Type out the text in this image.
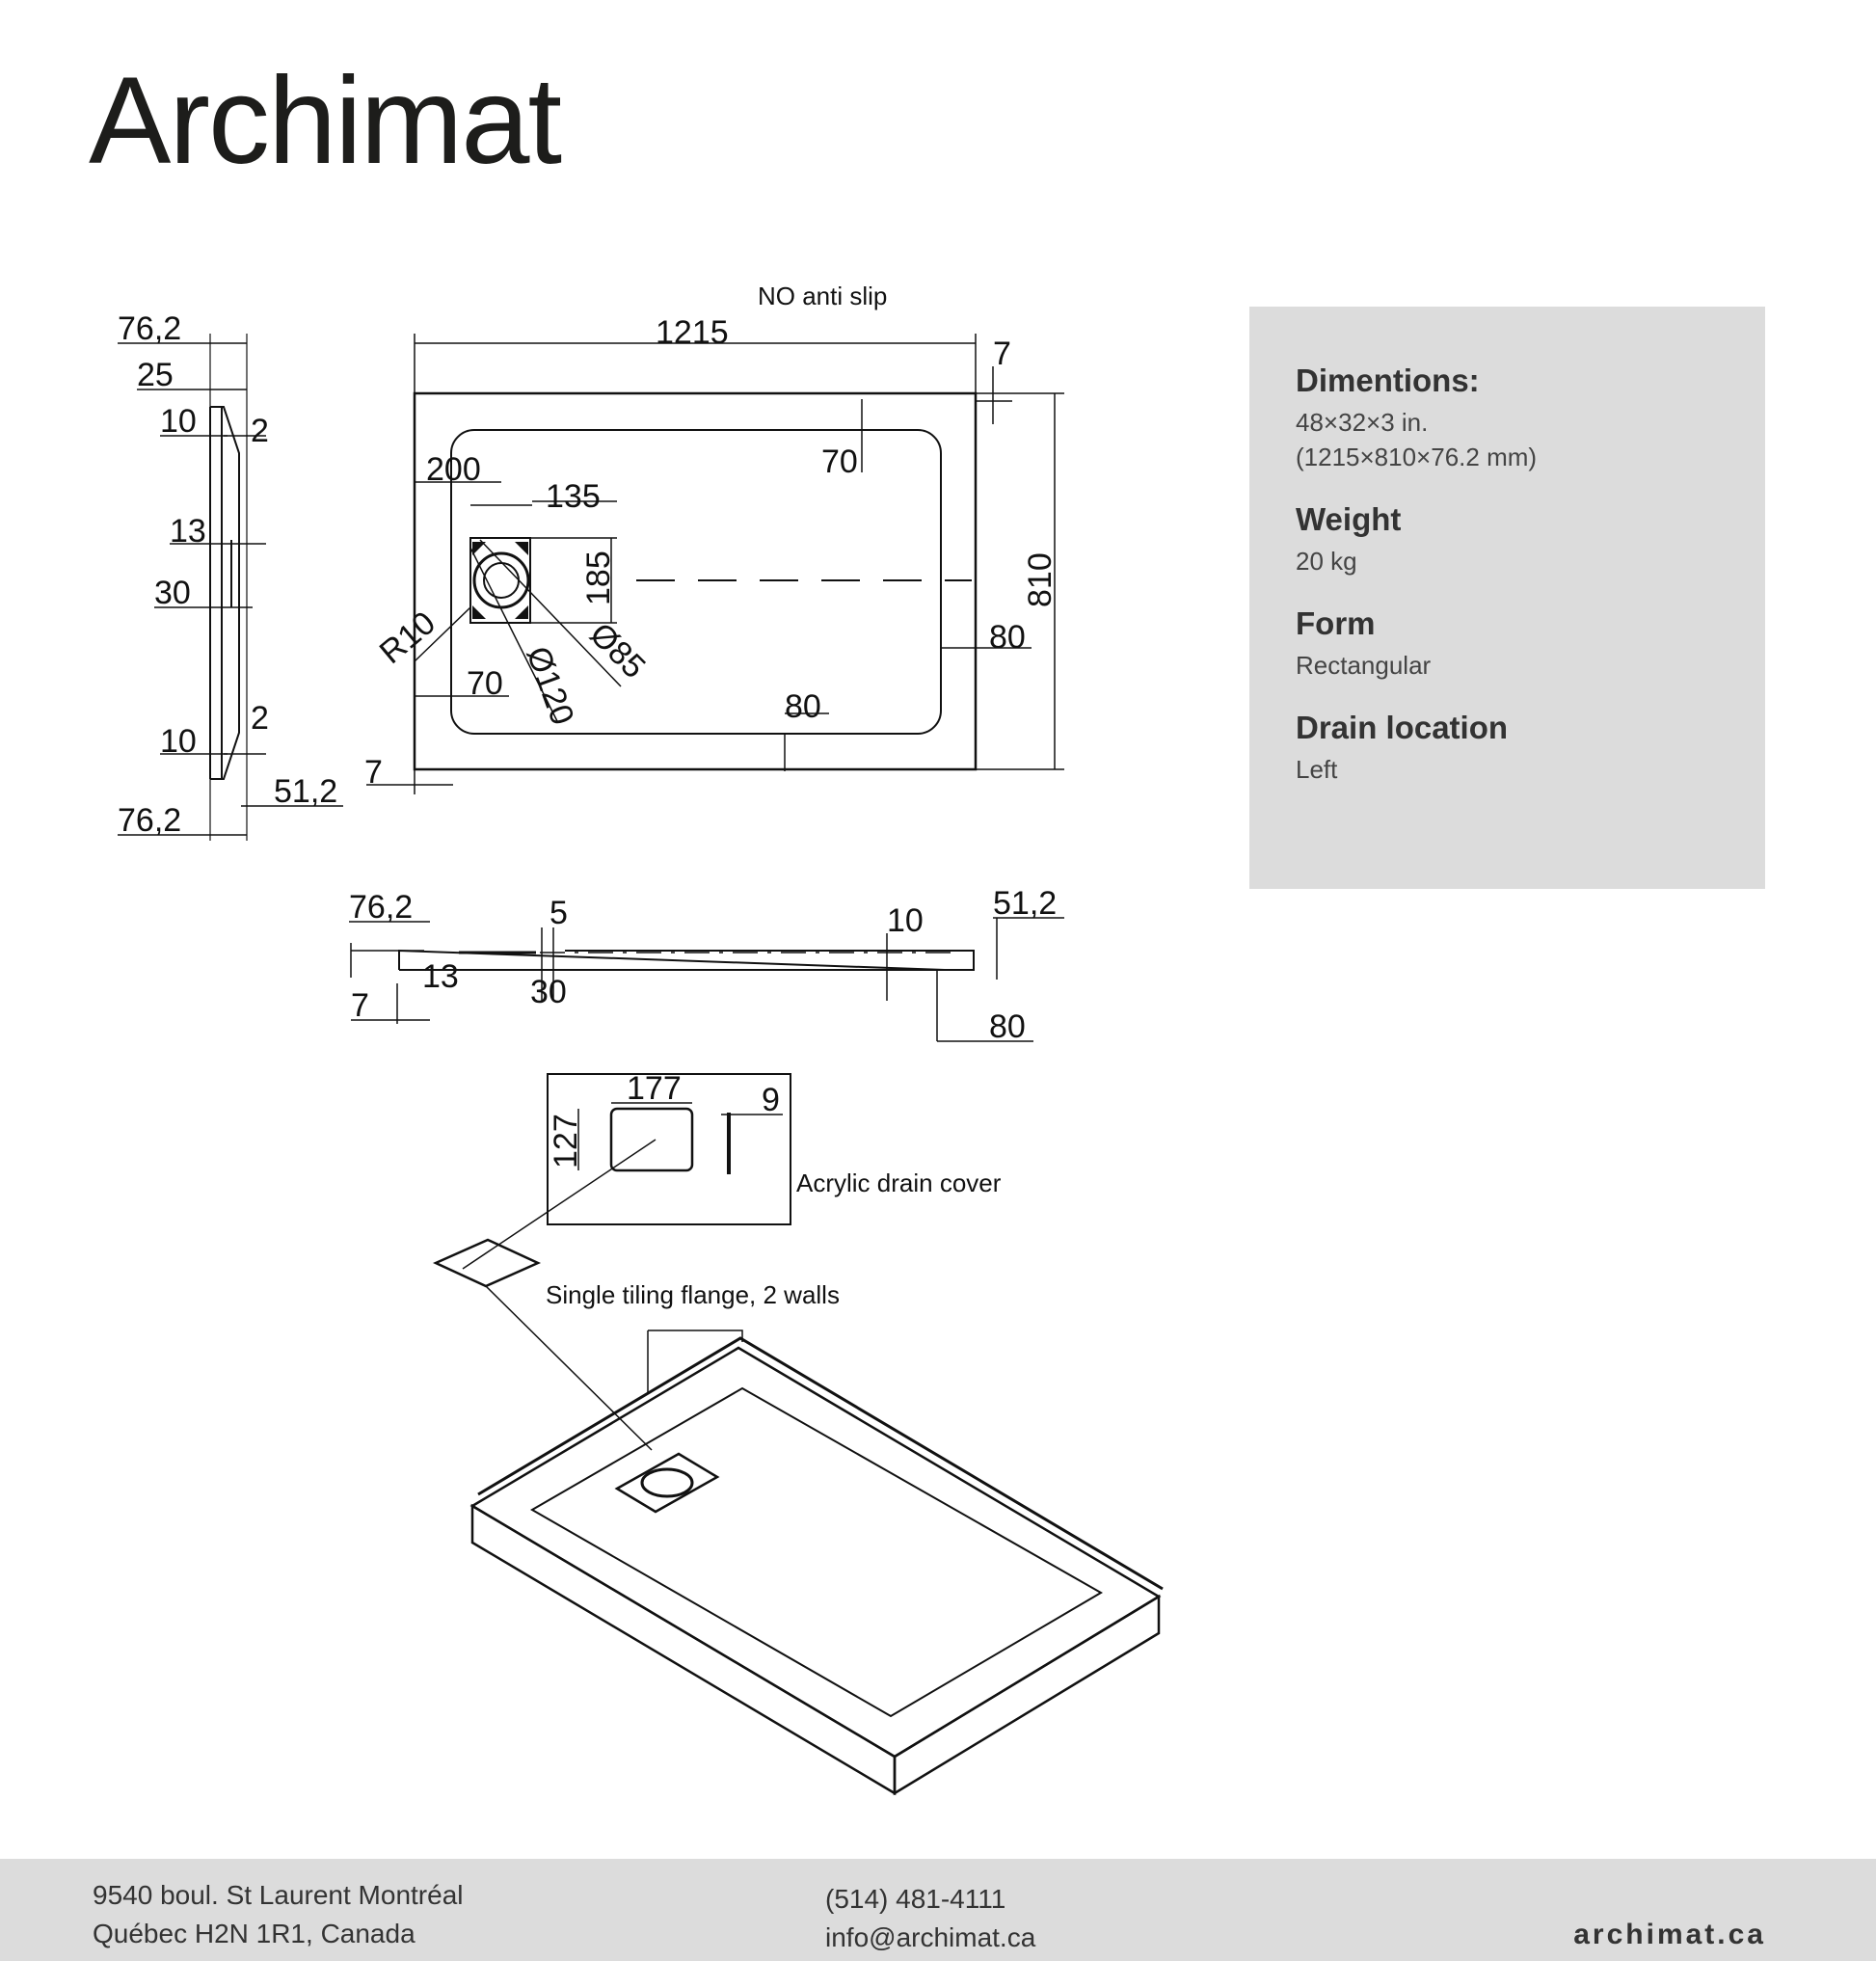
Archimat
NO anti slip
1215
810
7
70
200
135
185
80
80
70
7
R10
Ø120 Ø85
76,2
25
10 2
13
30
10
2
51,2
76,2
76,2	5	10 51,2
13 30
7
80
177 9
127
Acrylic drain cover
Single tiling flange, 2 walls
Dimentions:
48×32×3 in.
(1215×810×76.2 mm)
Weight
20 kg
Form
Rectangular
Drain location
Left
9540 boul. St Laurent Montréal
Québec H2N 1R1, Canada
(514) 481-4111
info@archimat.ca	archimat.ca
